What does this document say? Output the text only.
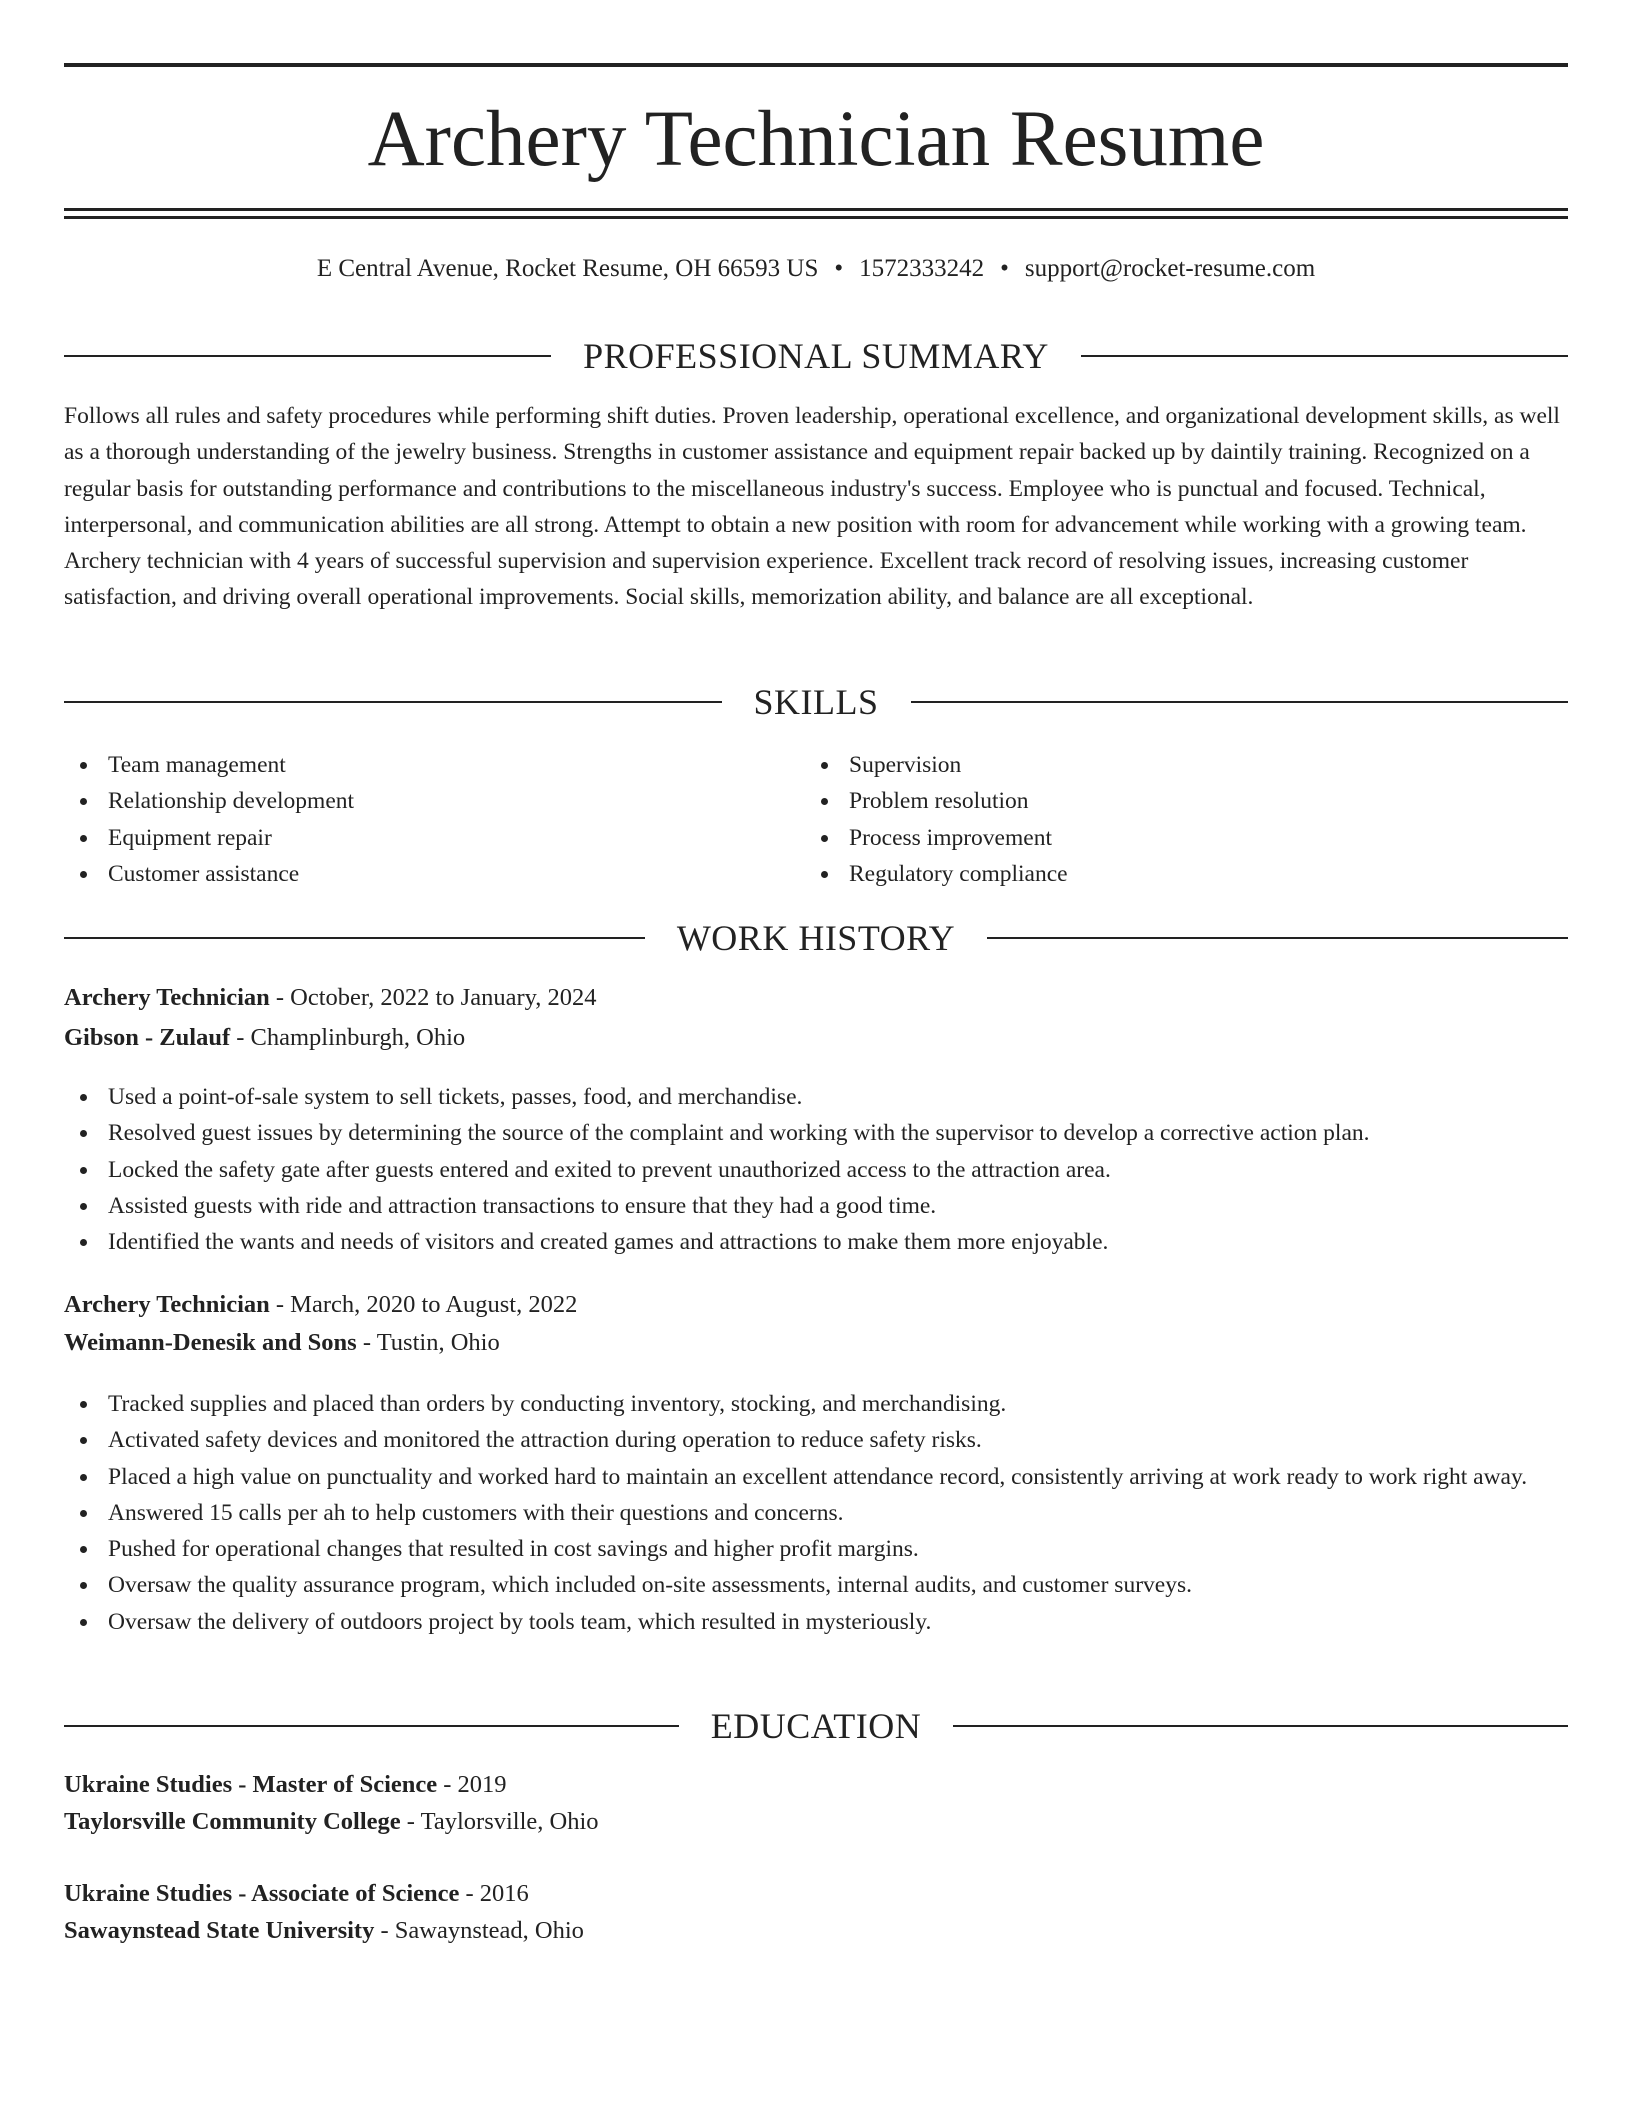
Archery Technician Resume
E Central Avenue, Rocket Resume, OH 66593 US • 1572333242 • support@rocket-resume.com
PROFESSIONAL SUMMARY

Follows all rules and safety procedures while performing shift duties. Proven leadership, operational excellence, and organizational development skills, as well as a thorough understanding of the jewelry business. Strengths in customer assistance and equipment repair backed up by daintily training. Recognized on a regular basis for outstanding performance and contributions to the miscellaneous industry's success. Employee who is punctual and focused. Technical, interpersonal, and communication abilities are all strong. Attempt to obtain a new position with room for advancement while working with a growing team. Archery technician with 4 years of successful supervision and supervision experience. Excellent track record of resolving issues, increasing customer satisfaction, and driving overall operational improvements. Social skills, memorization ability, and balance are all exceptional.

SKILLS
Team management
Relationship development
Equipment repair
Customer assistance
Supervision
Problem resolution
Process improvement
Regulatory compliance
WORK HISTORY
Archery Technician - October, 2022 to January, 2024
Gibson - Zulauf - Champlinburgh, Ohio
Used a point-of-sale system to sell tickets, passes, food, and merchandise.
Resolved guest issues by determining the source of the complaint and working with the supervisor to develop a corrective action plan.
Locked the safety gate after guests entered and exited to prevent unauthorized access to the attraction area.
Assisted guests with ride and attraction transactions to ensure that they had a good time.
Identified the wants and needs of visitors and created games and attractions to make them more enjoyable.
Archery Technician - March, 2020 to August, 2022
Weimann-Denesik and Sons - Tustin, Ohio
Tracked supplies and placed than orders by conducting inventory, stocking, and merchandising.
Activated safety devices and monitored the attraction during operation to reduce safety risks.
Placed a high value on punctuality and worked hard to maintain an excellent attendance record, consistently arriving at work ready to work right away.
Answered 15 calls per ah to help customers with their questions and concerns.
Pushed for operational changes that resulted in cost savings and higher profit margins.
Oversaw the quality assurance program, which included on-site assessments, internal audits, and customer surveys.
Oversaw the delivery of outdoors project by tools team, which resulted in mysteriously.
EDUCATION
Ukraine Studies - Master of Science - 2019
Taylorsville Community College - Taylorsville, Ohio
Ukraine Studies - Associate of Science - 2016
Sawaynstead State University - Sawaynstead, Ohio
